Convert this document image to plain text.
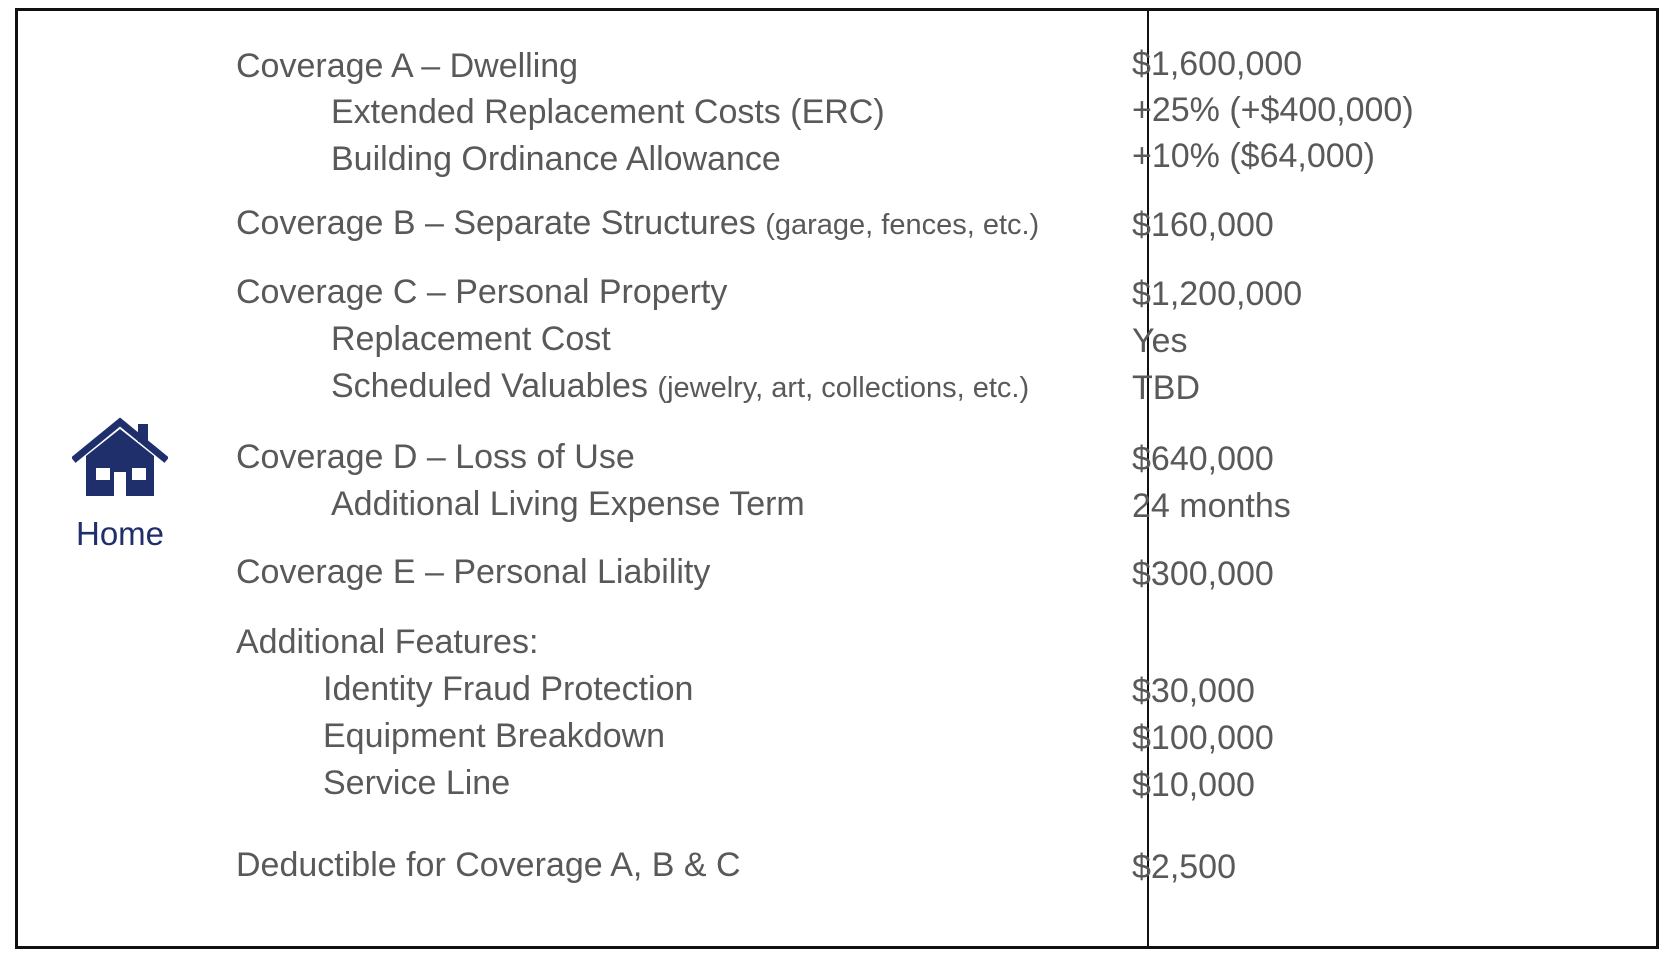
Home
Coverage A – Dwelling	$1,600,000
Extended Replacement Costs (ERC)	+25% (+$400,000)
Building Ordinance Allowance	+10% ($64,000)
Coverage B – Separate Structures (garage, fences, etc.)	$160,000
Coverage C – Personal Property	$1,200,000
Replacement Cost	Yes
Scheduled Valuables (jewelry, art, collections, etc.)	TBD
Coverage D – Loss of Use	$640,000
Additional Living Expense Term	24 months
Coverage E – Personal Liability	$300,000
Additional Features:
Identity Fraud Protection	$30,000
Equipment Breakdown	$100,000
Service Line	$10,000
Deductible for Coverage A, B & C	$2,500
